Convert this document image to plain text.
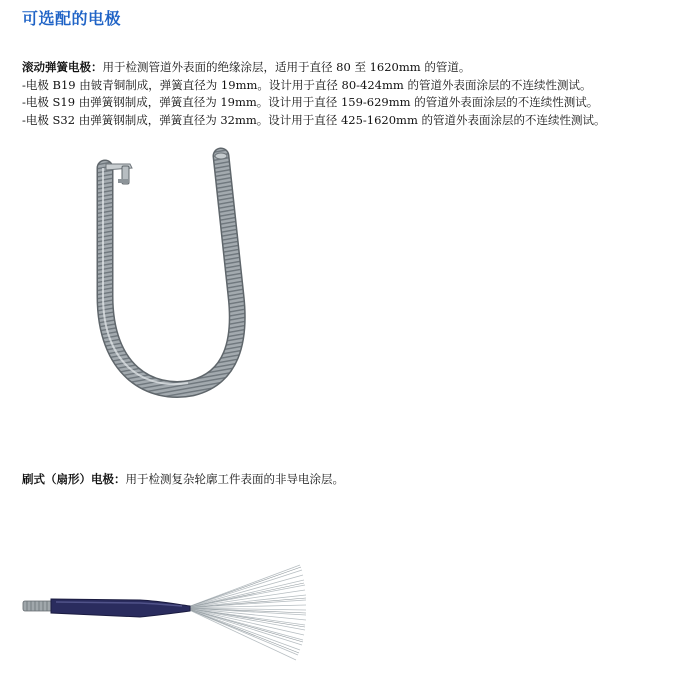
可选配的电极
滚动弹簧电极：用于检测管道外表面的绝缘涂层，适用于直径 80 至 1620mm 的管道。
-电极 B19 由铍青铜制成，弹簧直径为 19mm。设计用于直径 80-424mm 的管道外表面涂层的不连续性测试。
-电极 S19 由弹簧钢制成，弹簧直径为 19mm。设计用于直径 159-629mm 的管道外表面涂层的不连续性测试。
-电极 S32 由弹簧钢制成，弹簧直径为 32mm。设计用于直径 425-1620mm 的管道外表面涂层的不连续性测试。
刷式（扇形）电极：用于检测复杂轮廓工件表面的非导电涂层。
